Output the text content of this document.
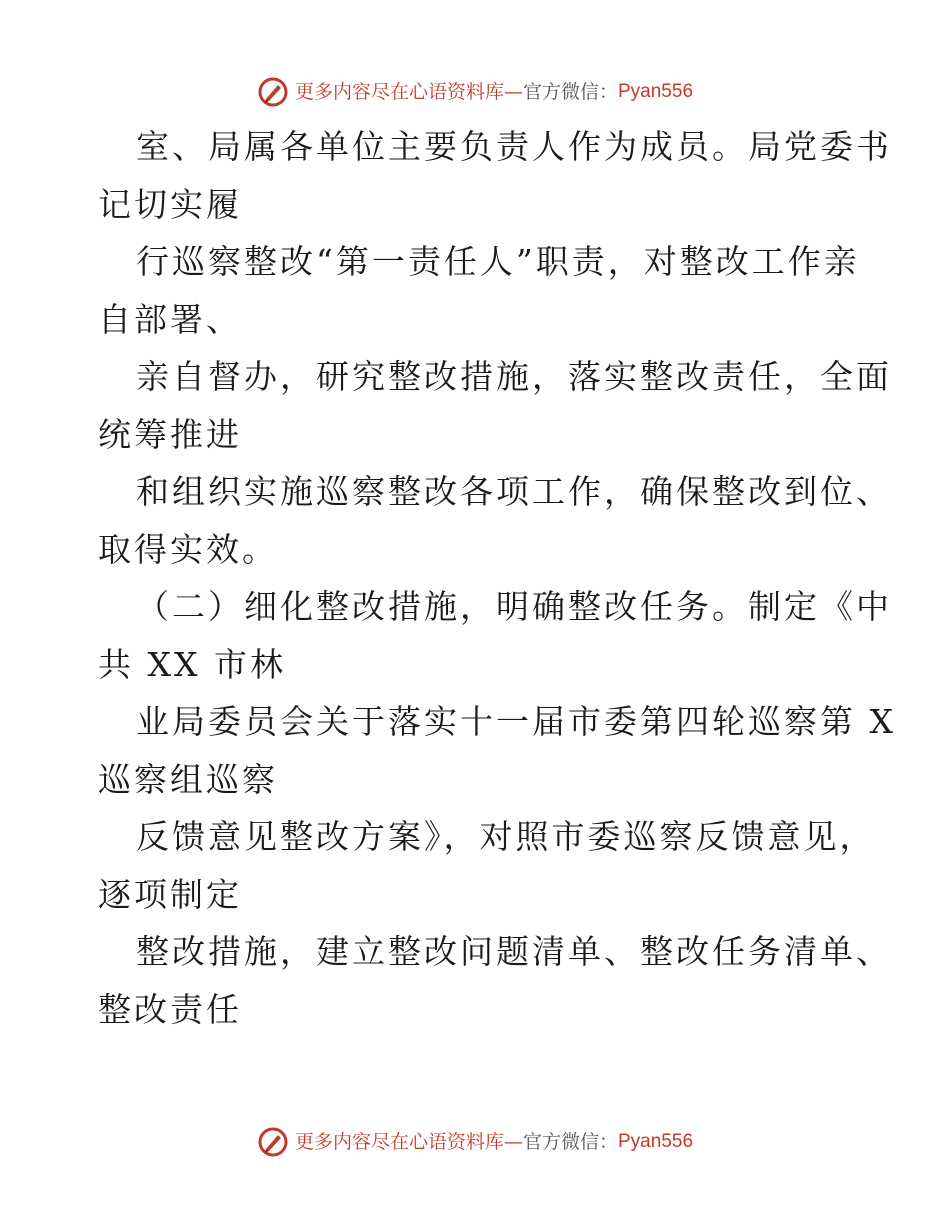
更多内容尽在心语资料库 — 官方微信： Pyan556
室、局属各单位主要负责人作为成员。局党委书
记切实履
行巡察整改“第一责任人”职责，对整改工作亲
自部署、
亲自督办，研究整改措施，落实整改责任，全面
统筹推进
和组织实施巡察整改各项工作，确保整改到位、
取得实效。
（二）细化整改措施，明确整改任务。制定《中
共 XX 市林
业局委员会关于落实十一届市委第四轮巡察第 X
巡察组巡察
反馈意见整改方案》，对照市委巡察反馈意见，
逐项制定
整改措施，建立整改问题清单、整改任务清单、
整改责任
更多内容尽在心语资料库 — 官方微信： Pyan556
